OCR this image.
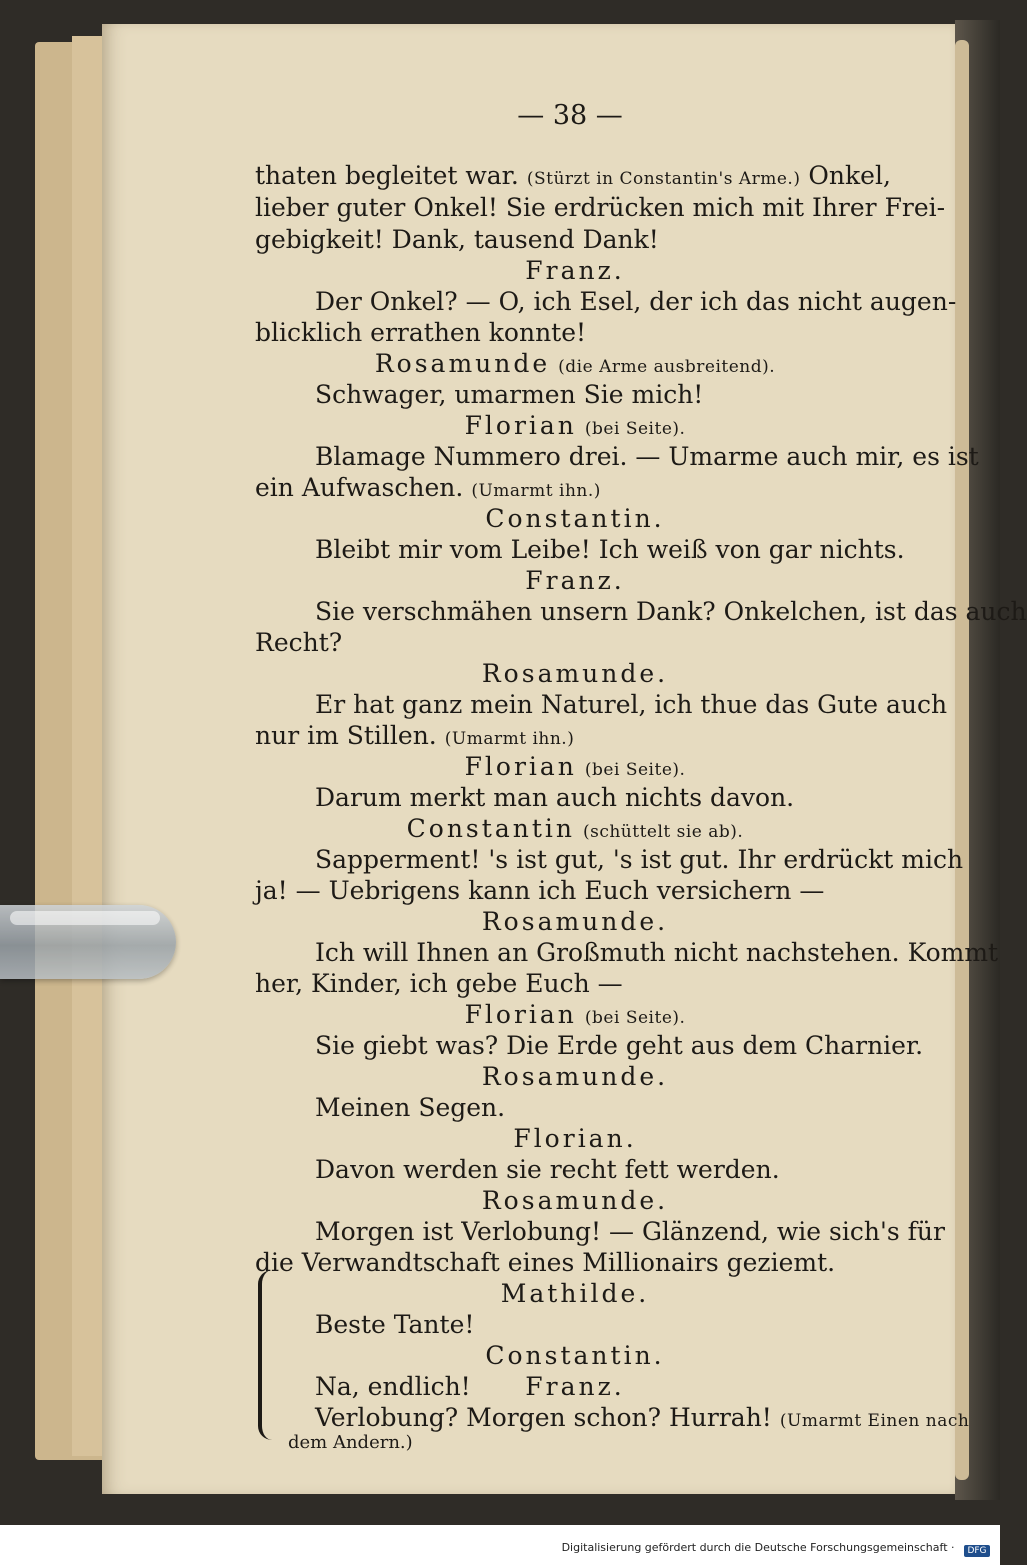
— 38 —
thaten begleitet war. (Stürzt in Constantin's Arme.) Onkel,
lieber guter Onkel! Sie erdrücken mich mit Ihrer Frei-
gebigkeit! Dank, tausend Dank!
Franz.
Der Onkel? — O, ich Esel, der ich das nicht augen-
blicklich errathen konnte!
Rosamunde (die Arme ausbreitend).
Schwager, umarmen Sie mich!
Florian (bei Seite).
Blamage Nummero drei. — Umarme auch mir, es ist
ein Aufwaschen. (Umarmt ihn.)
Constantin.
Bleibt mir vom Leibe! Ich weiß von gar nichts.
Franz.
Sie verschmähen unsern Dank? Onkelchen, ist das auch
Recht?
Rosamunde.
Er hat ganz mein Naturel, ich thue das Gute auch
nur im Stillen. (Umarmt ihn.)
Florian (bei Seite).
Darum merkt man auch nichts davon.
Constantin (schüttelt sie ab).
Sapperment! 's ist gut, 's ist gut. Ihr erdrückt mich
ja! — Uebrigens kann ich Euch versichern —
Rosamunde.
Ich will Ihnen an Großmuth nicht nachstehen. Kommt
her, Kinder, ich gebe Euch —
Florian (bei Seite).
Sie giebt was? Die Erde geht aus dem Charnier.
Rosamunde.
Meinen Segen.
Florian.
Davon werden sie recht fett werden.
Rosamunde.
Morgen ist Verlobung! — Glänzend, wie sich's für
die Verwandtschaft eines Millionairs geziemt.
Mathilde.
Beste Tante!
Constantin.
Na, endlich!	Franz.
Verlobung? Morgen schon? Hurrah! (Umarmt Einen nach
dem Andern.)
Digitalisierung gefördert durch die Deutsche Forschungsgemeinschaft · DFG
